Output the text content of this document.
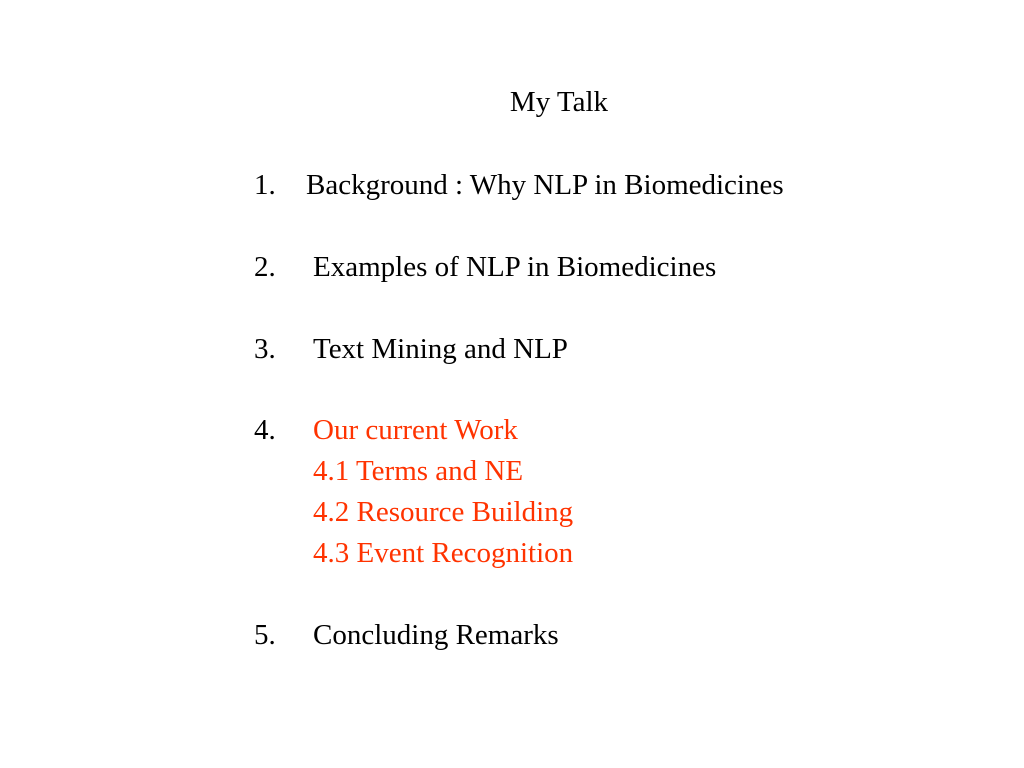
My Talk
1. Background : Why NLP in Biomedicines
2. Examples of NLP in Biomedicines
3. Text Mining and NLP
4. Our current Work
4.1 Terms and NE
4.2 Resource Building
4.3 Event Recognition
5. Concluding Remarks
